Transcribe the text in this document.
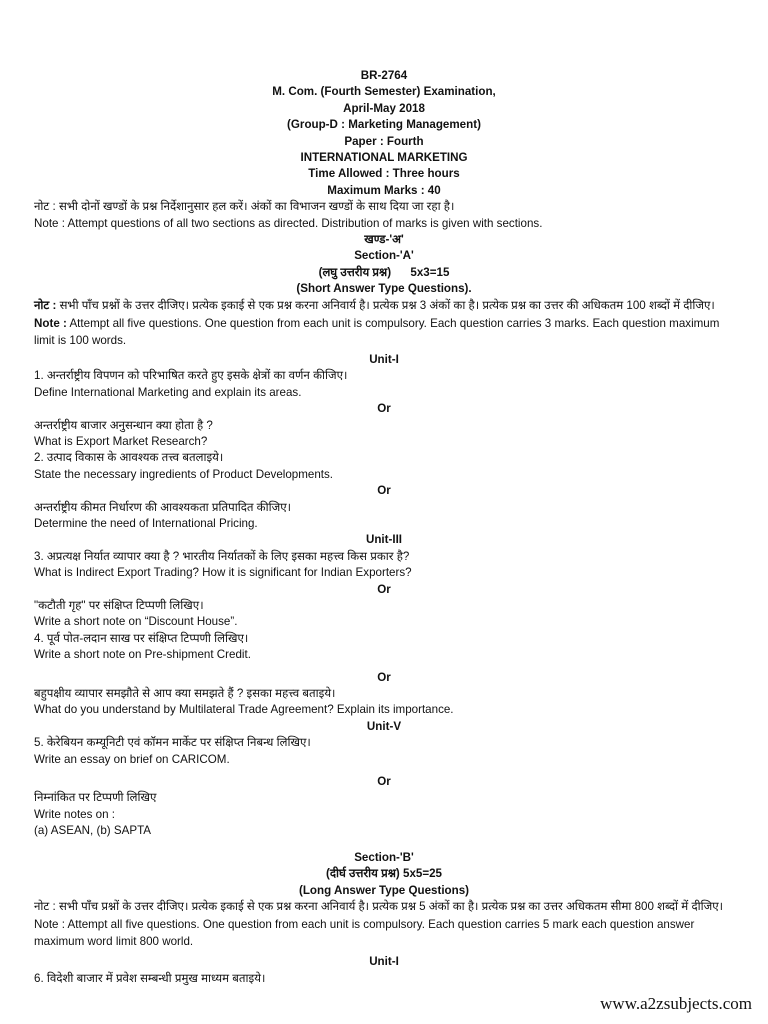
BR-2764
M. Com. (Fourth Semester) Examination,
April-May 2018
(Group-D : Marketing Management)
Paper : Fourth
INTERNATIONAL MARKETING
Time Allowed : Three hours
Maximum Marks : 40
नोट : सभी दोनों खण्डों के प्रश्न निर्देशानुसार हल करें। अंकों का विभाजन खण्डों के साथ दिया जा रहा है।
Note : Attempt questions of all two sections as directed. Distribution of marks is given with sections.
खण्ड-'अ'
Section-'A'
(लघु उत्तरीय प्रश्न)      5x3=15
(Short Answer Type Questions).
नोट : सभी पाँच प्रश्नों के उत्तर दीजिए। प्रत्येक इकाई से एक प्रश्न करना अनिवार्य है। प्रत्येक प्रश्न 3 अंकों का है। प्रत्येक प्रश्न का उत्तर की अधिकतम 100 शब्दों में दीजिए।
Note : Attempt all five questions. One question from each unit is compulsory. Each question carries 3 marks. Each question maximum limit is 100 words.
Unit-I
1. अन्तर्राष्ट्रीय विपणन को परिभाषित करते हुए इसके क्षेत्रों का वर्णन कीजिए।
Define International Marketing and explain its areas.
Or
अन्तर्राष्ट्रीय बाजार अनुसन्धान क्या होता है ?
What is Export Market Research?
2. उत्पाद विकास के आवश्यक तत्त्व बतलाइये।
State the necessary ingredients of Product Developments.
Or
अन्तर्राष्ट्रीय कीमत निर्धारण की आवश्यकता प्रतिपादित कीजिए।
Determine the need of International Pricing.
Unit-III
3. अप्रत्यक्ष निर्यात व्यापार क्या है ? भारतीय निर्यातकों के लिए इसका महत्त्व किस प्रकार है?
What is Indirect Export Trading? How it is significant for Indian Exporters?
Or
"कटौती गृह" पर संक्षिप्त टिप्पणी लिखिए।
Write a short note on “Discount House”.
4. पूर्व पोत-लदान साख पर संक्षिप्त टिप्पणी लिखिए।
Write a short note on Pre-shipment Credit.
Or
बहुपक्षीय व्यापार समझौते से आप क्या समझते हैं ? इसका महत्त्व बताइये।
What do you understand by Multilateral Trade Agreement? Explain its importance.
Unit-V
5. केरेबियन कम्यूनिटी एवं कॉमन मार्केट पर संक्षिप्त निबन्ध लिखिए।
Write an essay on brief on CARICOM.
Or
निम्नांकित पर टिप्पणी लिखिए
Write notes on :
(a) ASEAN, (b) SAPTA
Section-'B'
(दीर्घ उत्तरीय प्रश्न) 5x5=25
(Long Answer Type Questions)
नोट : सभी पाँच प्रश्नों के उत्तर दीजिए। प्रत्येक इकाई से एक प्रश्न करना अनिवार्य है। प्रत्येक प्रश्न 5 अंकों का है। प्रत्येक प्रश्न का उत्तर अधिकतम सीमा 800 शब्दों में दीजिए।
Note : Attempt all five questions. One question from each unit is compulsory. Each question carries 5 mark each question answer maximum word limit 800 world.
Unit-I
6. विदेशी बाजार में प्रवेश सम्बन्धी प्रमुख माध्यम बताइये।
www.a2zsubjects.com
